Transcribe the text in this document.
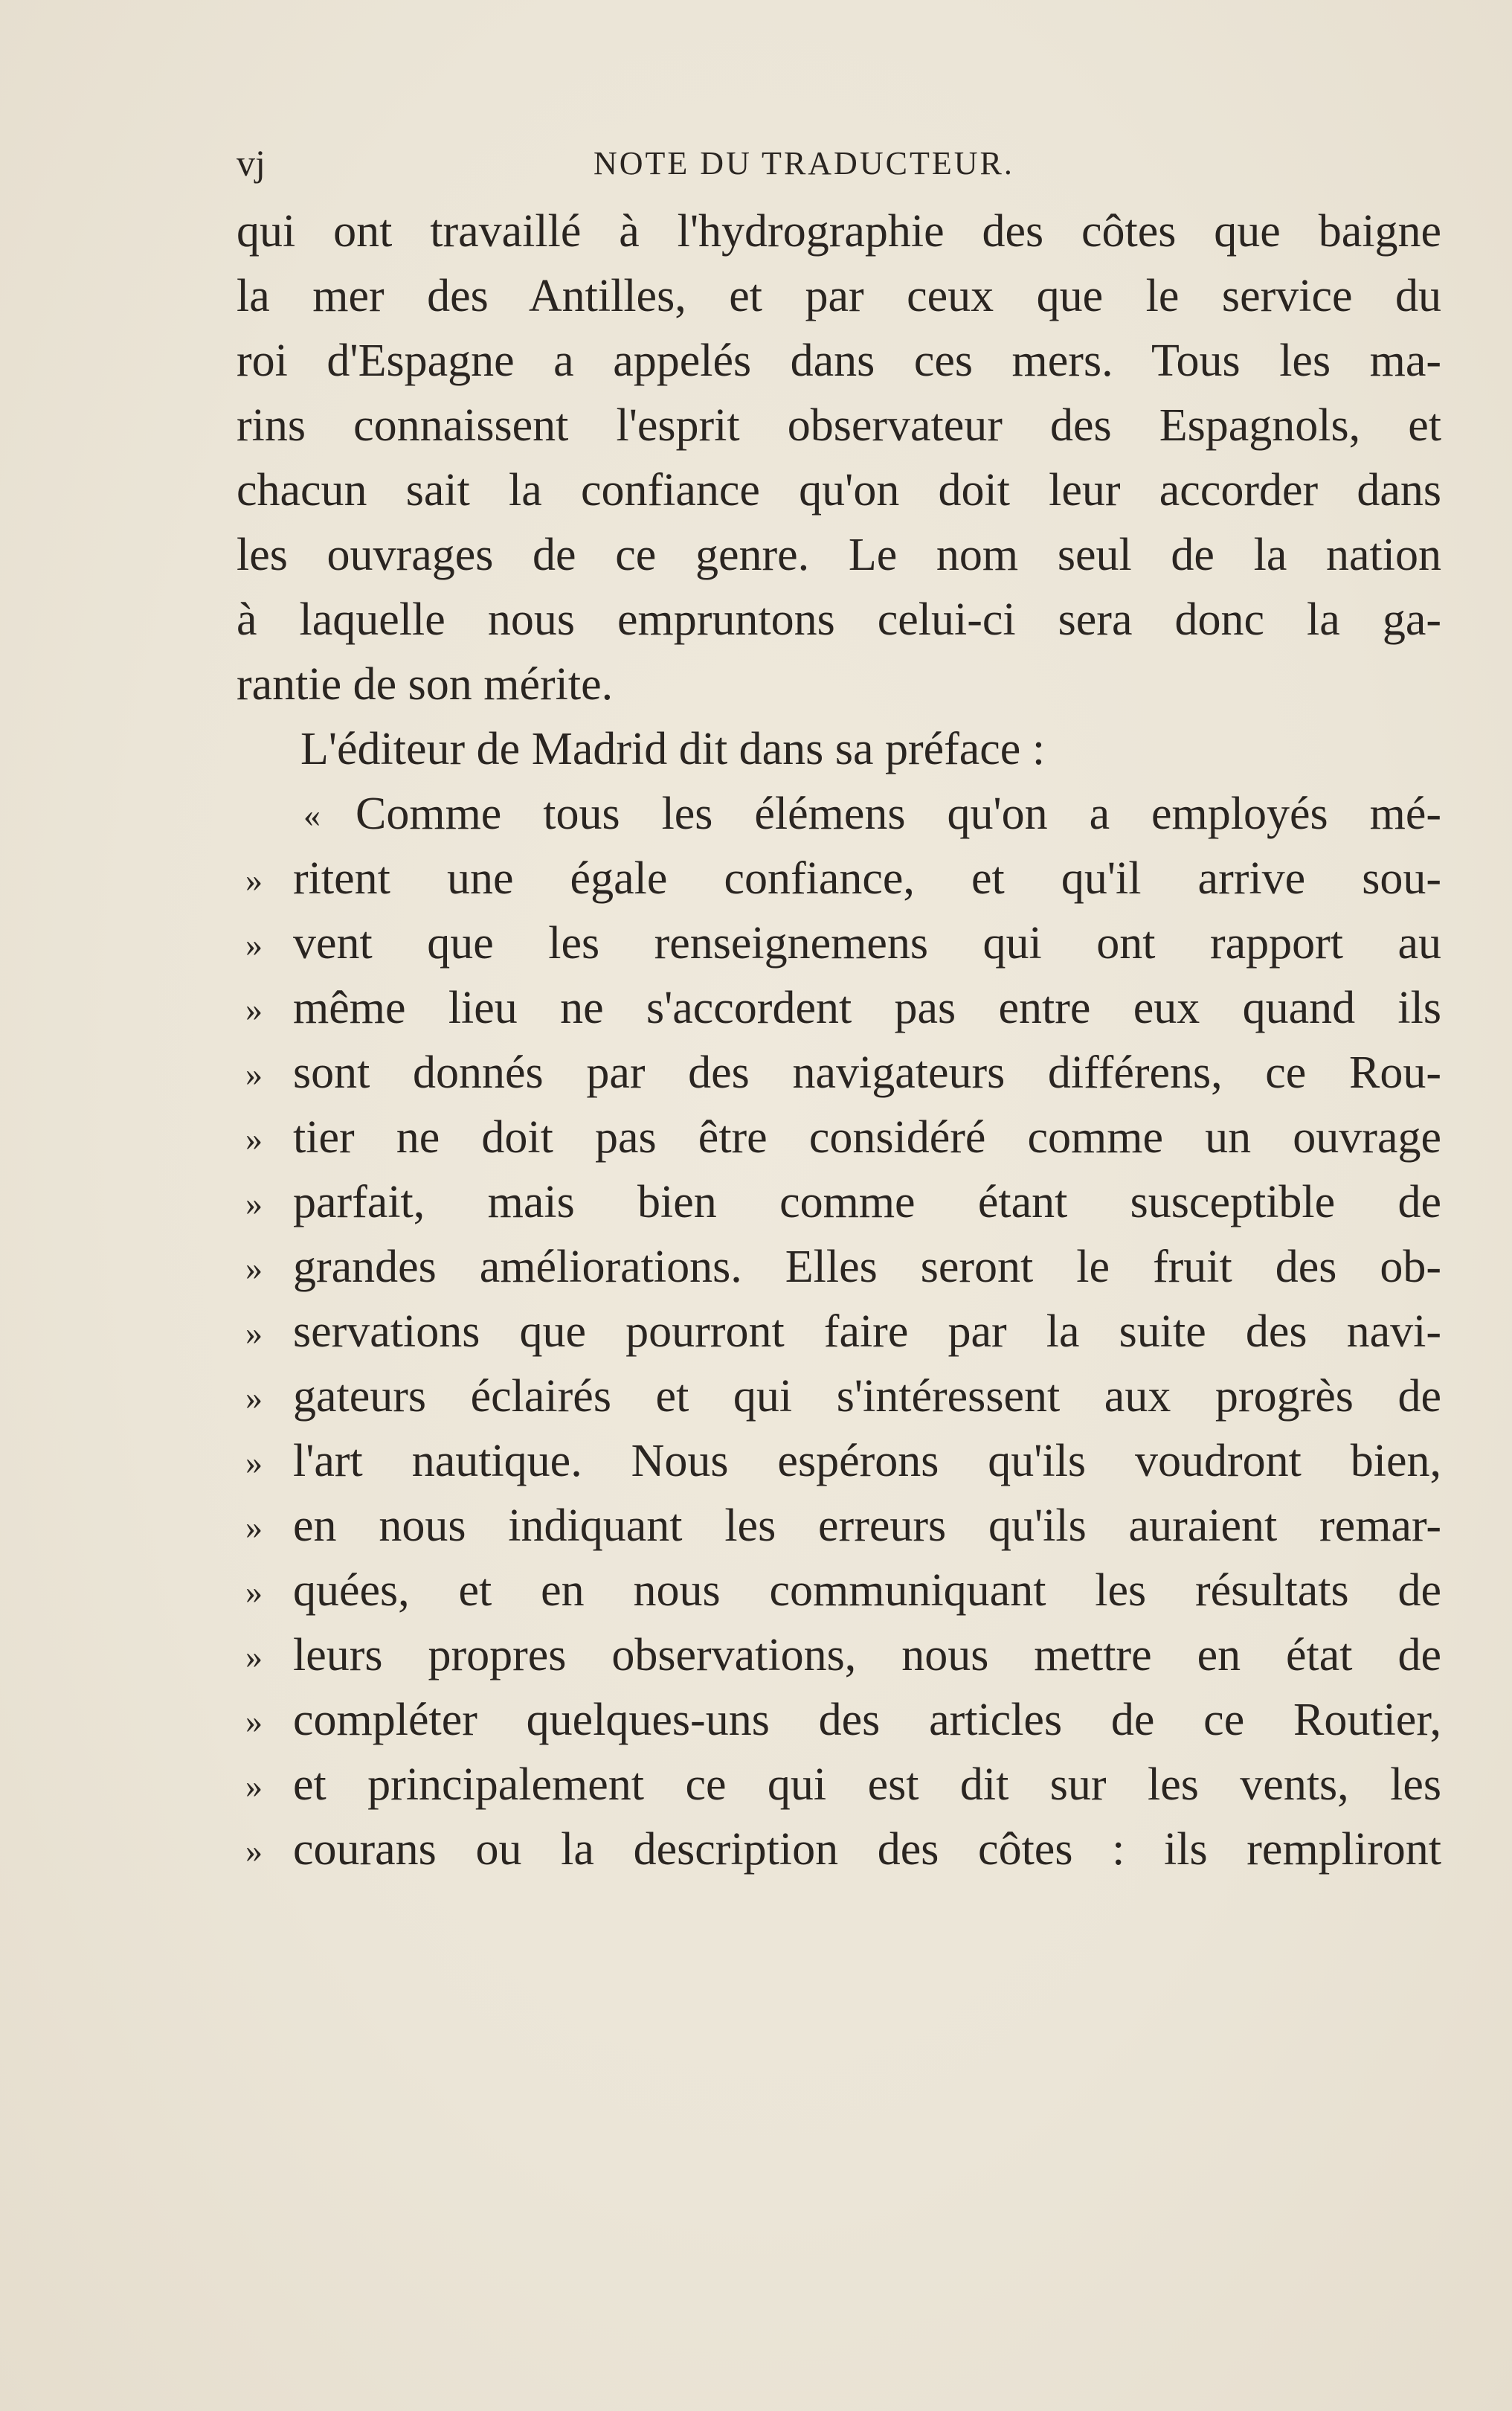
vj	NOTE DU TRADUCTEUR.
qui ont travaillé à l'hydrographie des côtes que baigne
la mer des Antilles, et par ceux que le service du
roi d'Espagne a appelés dans ces mers. Tous les ma-
rins connaissent l'esprit observateur des Espagnols, et
chacun sait la confiance qu'on doit leur accorder dans
les ouvrages de ce genre. Le nom seul de la nation
à laquelle nous empruntons celui-ci sera donc la ga-
rantie de son mérite.
L'éditeur de Madrid dit dans sa préface :
« Comme tous les élémens qu'on a employés mé-
» ritent une égale confiance, et qu'il arrive sou-
» vent que les renseignemens qui ont rapport au
» même lieu ne s'accordent pas entre eux quand ils
» sont donnés par des navigateurs différens, ce Rou-
» tier ne doit pas être considéré comme un ouvrage
» parfait, mais bien comme étant susceptible de
» grandes améliorations. Elles seront le fruit des ob-
» servations que pourront faire par la suite des navi-
» gateurs éclairés et qui s'intéressent aux progrès de
» l'art nautique. Nous espérons qu'ils voudront bien,
» en nous indiquant les erreurs qu'ils auraient remar-
» quées, et en nous communiquant les résultats de
» leurs propres observations, nous mettre en état de
» compléter quelques-uns des articles de ce Routier,
» et principalement ce qui est dit sur les vents, les
» courans ou la description des côtes : ils rempliront
